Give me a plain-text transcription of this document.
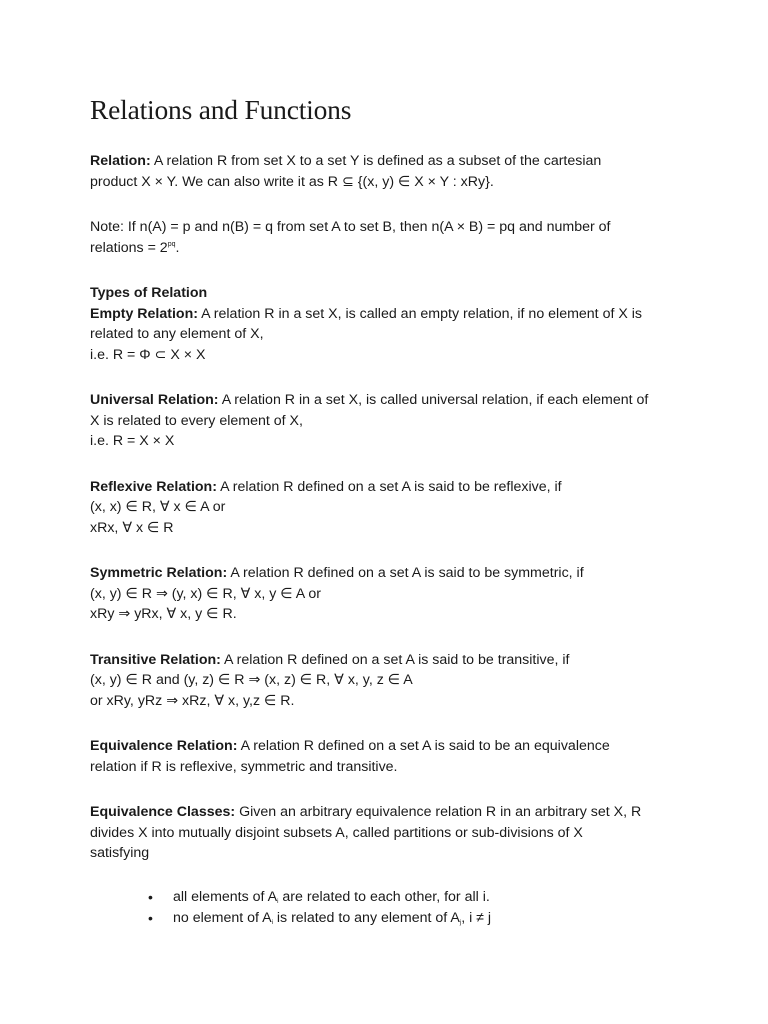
Relations and Functions

Relation: A relation R from set X to a set Y is defined as a subset of the cartesian
product X × Y. We can also write it as R ⊆ {(x, y) ∈ X × Y : xRy}.

Note: If n(A) = p and n(B) = q from set A to set B, then n(A × B) = pq and number of
relations = $2^{pq}$.

Types of Relation
Empty Relation: A relation R in a set X, is called an empty relation, if no element of X is
related to any element of X,
i.e. R = Φ ⊂ X × X

Universal Relation: A relation R in a set X, is called universal relation, if each element of
X is related to every element of X,
i.e. R = X × X

Reflexive Relation: A relation R defined on a set A is said to be reflexive, if
(x, x) ∈ R, ∀ x ∈ A or
xRx, ∀ x ∈ R

Symmetric Relation: A relation R defined on a set A is said to be symmetric, if
(x, y) ∈ R ⇒ (y, x) ∈ R, ∀ x, y ∈ A or
xRy ⇒ yRx, ∀ x, y ∈ R.

Transitive Relation: A relation R defined on a set A is said to be transitive, if
(x, y) ∈ R and (y, z) ∈ R ⇒ (x, z) ∈ R, ∀ x, y, z ∈ A
or xRy, yRz ⇒ xRz, ∀ x, y,z ∈ R.

Equivalence Relation: A relation R defined on a set A is said to be an equivalence
relation if R is reflexive, symmetric and transitive.

Equivalence Classes: Given an arbitrary equivalence relation R in an arbitrary set X, R
divides X into mutually disjoint subsets A, called partitions or sub-divisions of X
satisfying

• all elements of $A_i$ are related to each other, for all i.
• no element of $A_i$ is related to any element of $A_j$, i ≠ j
